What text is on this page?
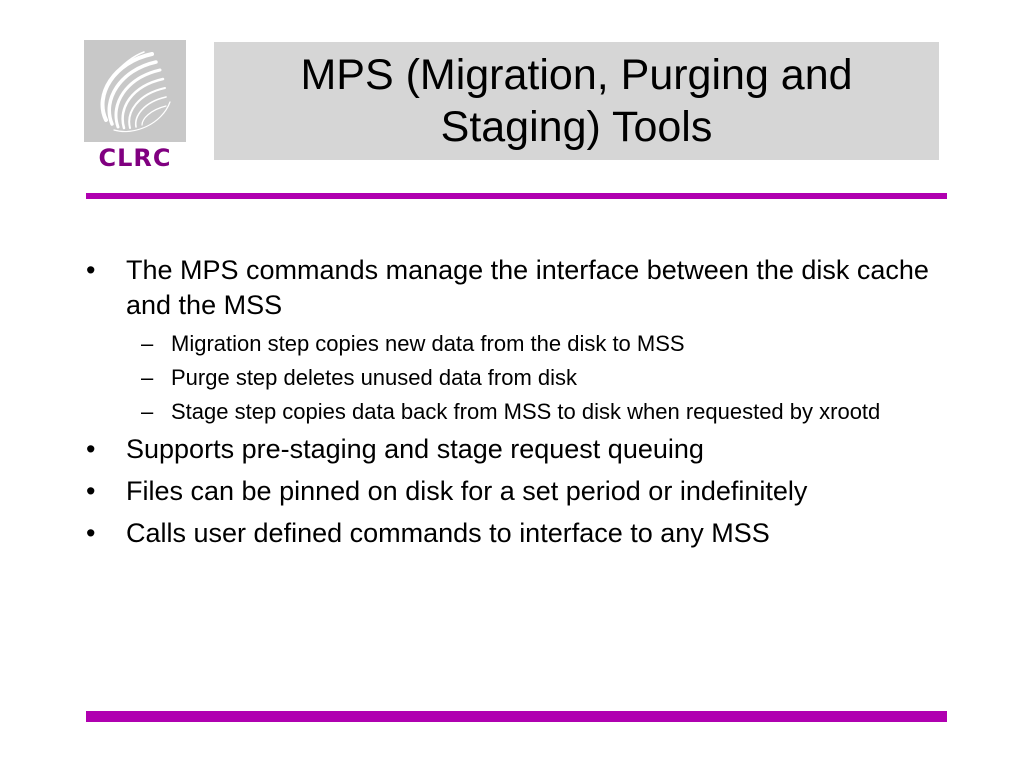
CLRC
MPS (Migration, Purging and Staging) Tools
• The MPS commands manage the interface between the disk cache and the MSS
– Migration step copies new data from the disk to MSS
– Purge step deletes unused data from disk
– Stage step copies data back from MSS to disk when requested by xrootd
• Supports pre-staging and stage request queuing
• Files can be pinned on disk for a set period or indefinitely
• Calls user defined commands to interface to any MSS
